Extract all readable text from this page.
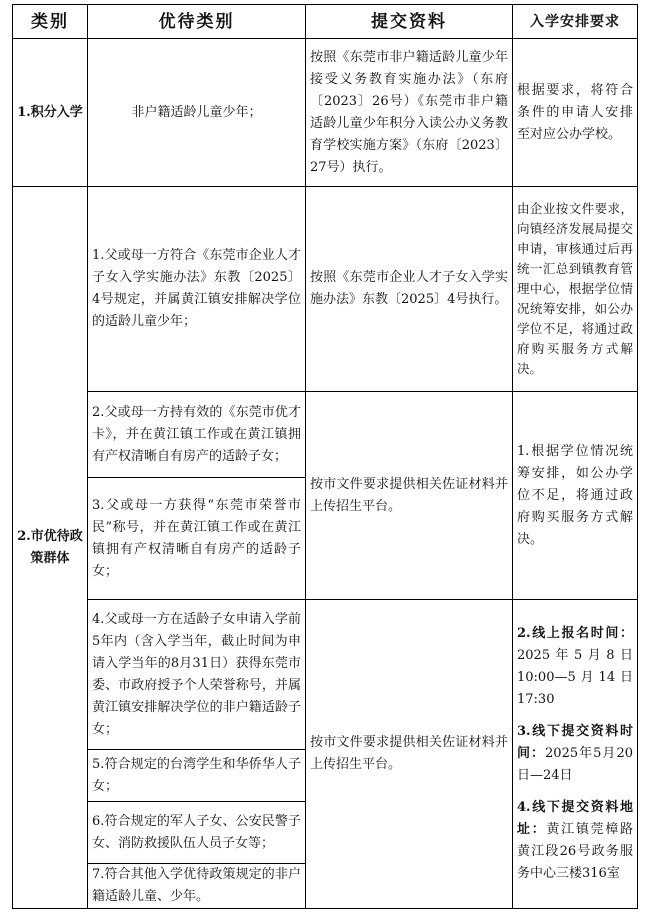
类别	优待类别	提交资料	入学安排要求
1.积分入学	非户籍适龄儿童少年；	按照《东莞市非户籍适龄儿童少年接受义务教育实施办法》（东府〔2023〕26号）《东莞市非户籍适龄儿童少年积分入读公办义务教育学校实施方案》（东府〔2023〕27号）执行。	根据要求，将符合条件的申请人安排至对应公办学校。
2.市优待政策群体	1.父或母一方符合《东莞市企业人才子女入学实施办法》东教〔2025〕4号规定，并属黄江镇安排解决学位的适龄儿童少年；	按照《东莞市企业人才子女入学实施办法》东教〔2025〕4号执行。	由企业按文件要求，向镇经济发展局提交申请，审核通过后再统一汇总到镇教育管理中心，根据学位情况统筹安排，如公办学位不足，将通过政府购买服务方式解决。
	2.父或母一方持有效的《东莞市优才卡》，并在黄江镇工作或在黄江镇拥有产权清晰自有房产的适龄子女；	按市文件要求提供相关佐证材料并上传招生平台。	1.根据学位情况统筹安排，如公办学位不足，将通过政府购买服务方式解决。
	3.父或母一方获得“东莞市荣誉市民”称号，并在黄江镇工作或在黄江镇拥有产权清晰自有房产的适龄子女；		
	4.父或母一方在适龄子女申请入学前5年内（含入学当年，截止时间为申请入学当年的8月31日）获得东莞市委、市政府授予个人荣誉称号，并属黄江镇安排解决学位的非户籍适龄子女；	按市文件要求提供相关佐证材料并上传招生平台。	2.线上报名时间：2025年5月8日10:00—5月14日17:30
3.线下提交资料时间：2025年5月20日—24日
4.线下提交资料地址：黄江镇莞樟路黄江段26号政务服务中心三楼316室

	5.符合规定的台湾学生和华侨华人子女；		
	6.符合规定的军人子女、公安民警子女、消防救援队伍人员子女等；		
	7.符合其他入学优待政策规定的非户籍适龄儿童、少年。		
